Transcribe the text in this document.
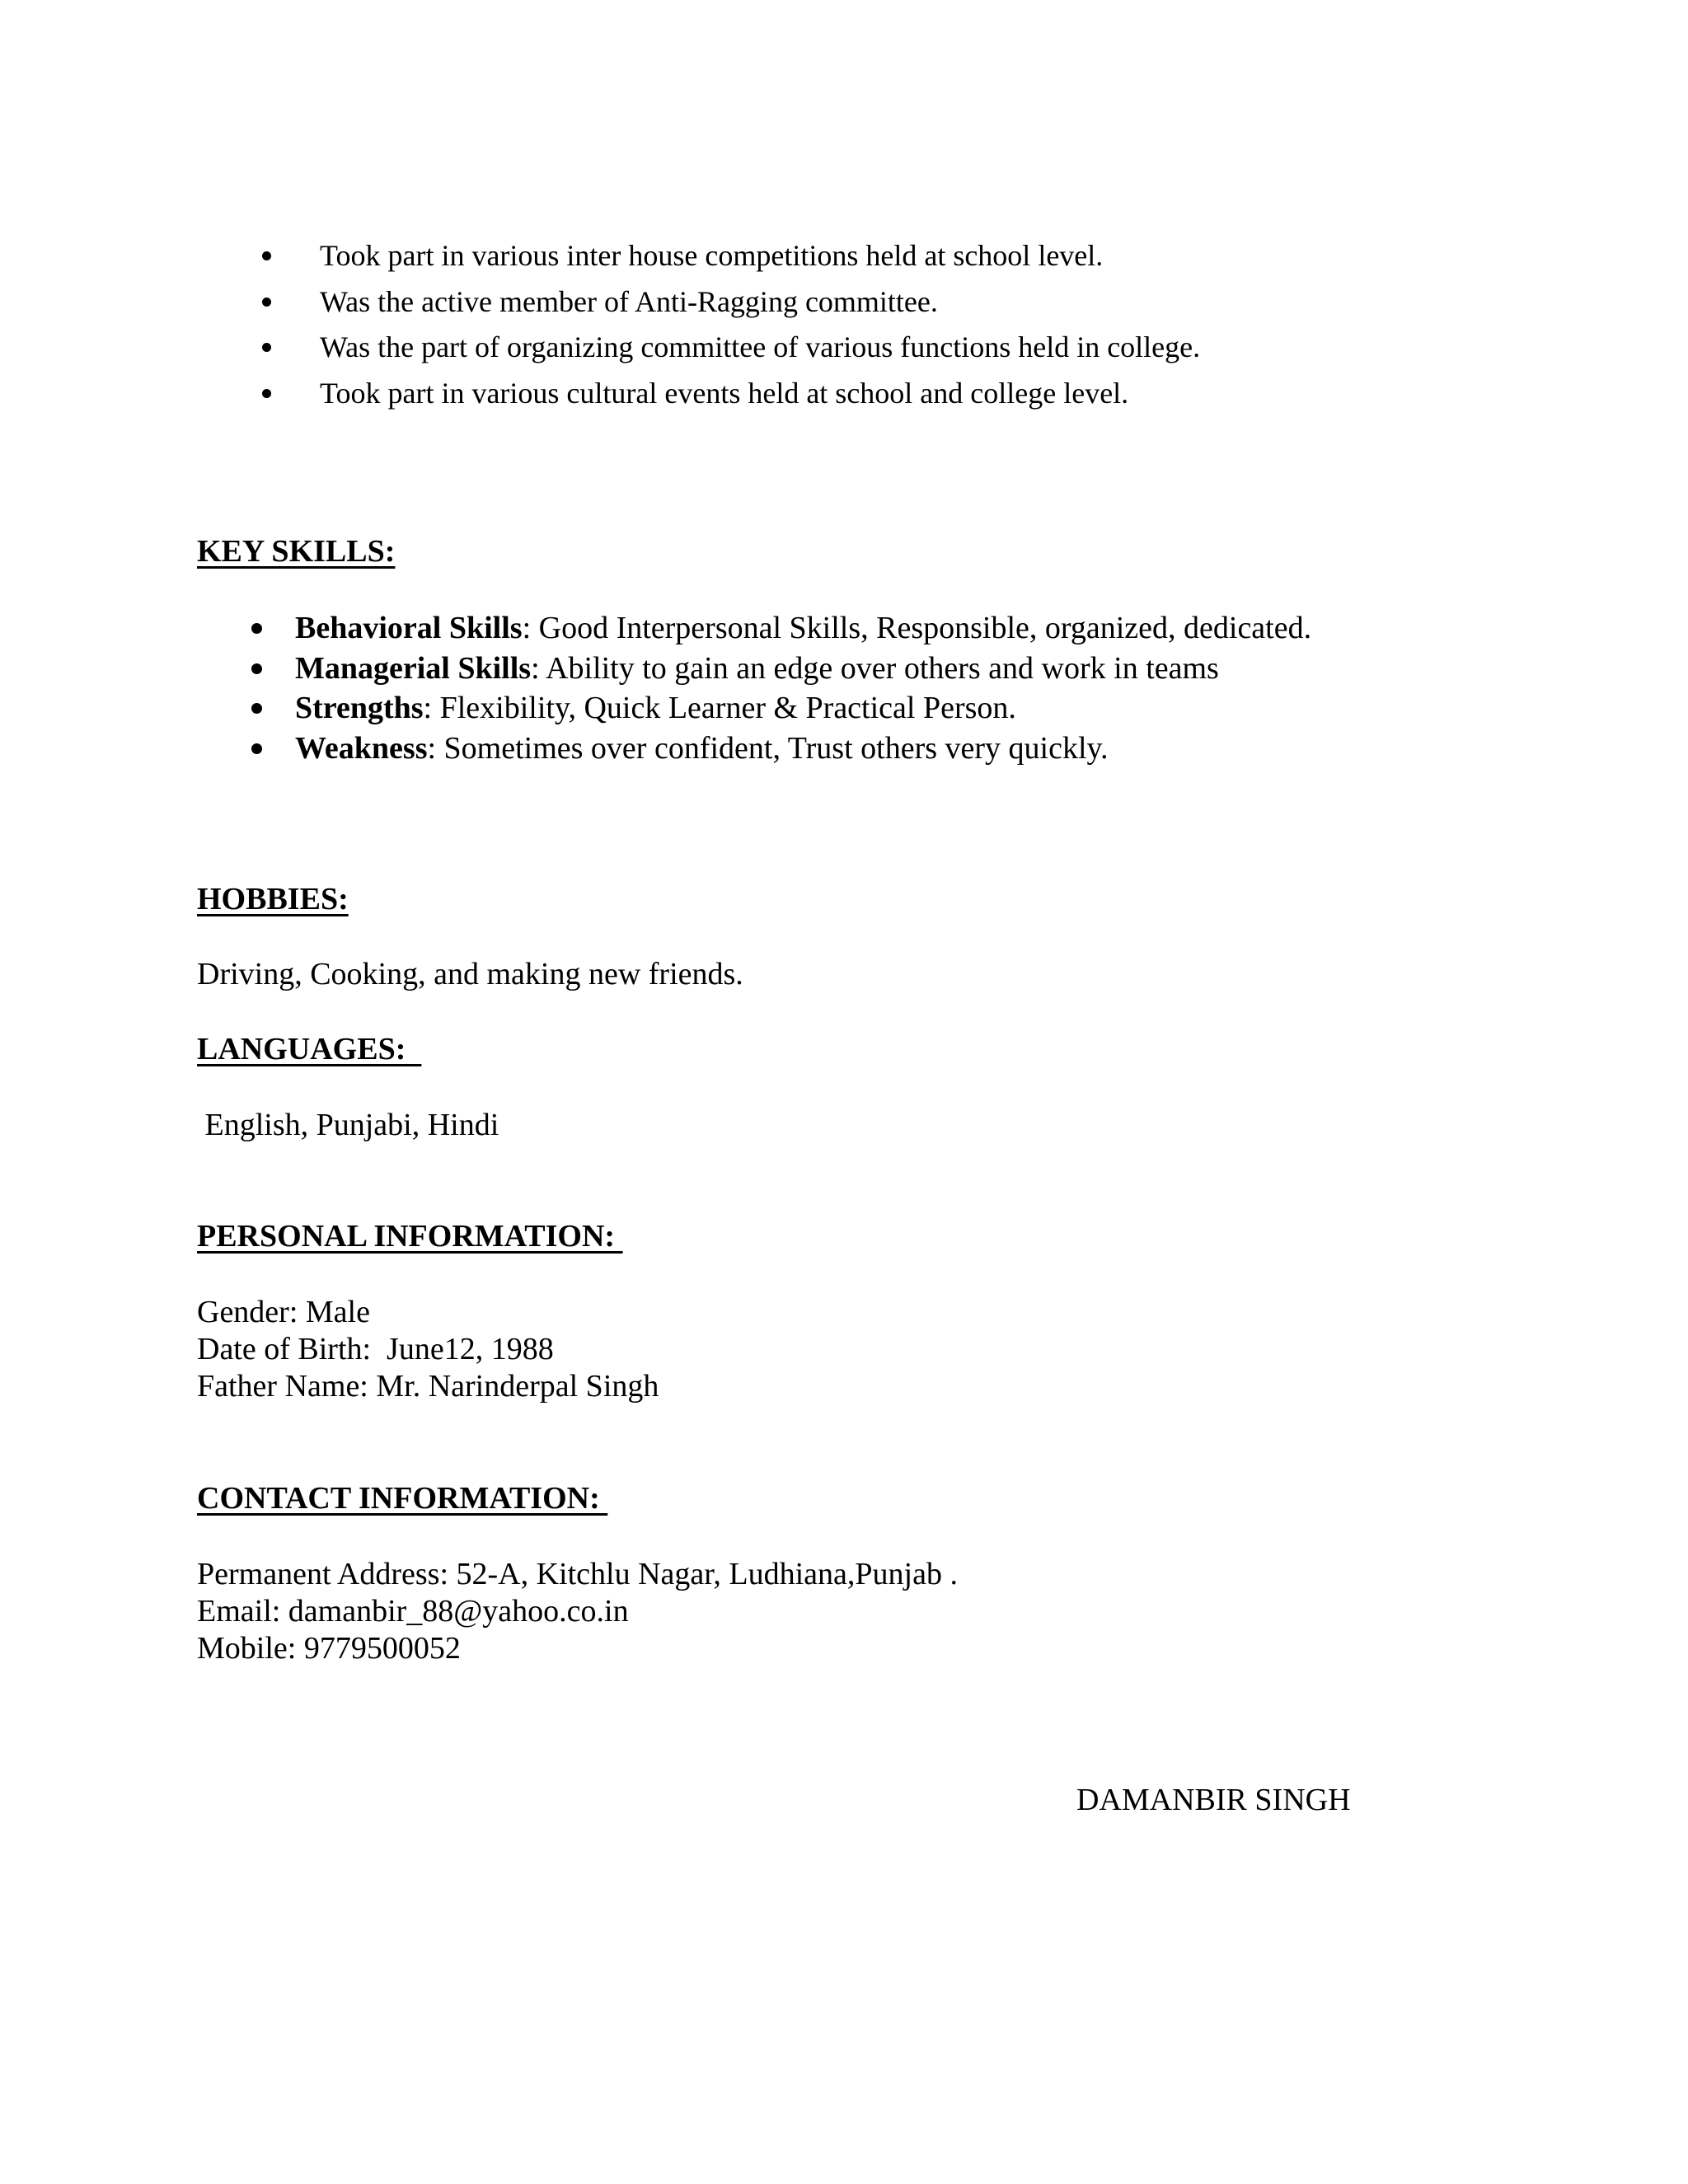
Took part in various inter house competitions held at school level.
Was the active member of Anti-Ragging committee.
Was the part of organizing committee of various functions held in college.
Took part in various cultural events held at school and college level.
KEY SKILLS:
Behavioral Skills: Good Interpersonal Skills, Responsible, organized, dedicated.
Managerial Skills: Ability to gain an edge over others and work in teams
Strengths: Flexibility, Quick Learner & Practical Person.
Weakness: Sometimes over confident, Trust others very quickly.
HOBBIES:
Driving, Cooking, and making new friends.
LANGUAGES:
English, Punjabi, Hindi
PERSONAL INFORMATION:
Gender: Male
Date of Birth:  June12, 1988
Father Name: Mr. Narinderpal Singh
CONTACT INFORMATION:
Permanent Address: 52-A, Kitchlu Nagar, Ludhiana,Punjab .
Email: damanbir_88@yahoo.co.in
Mobile: 9779500052
DAMANBIR SINGH
